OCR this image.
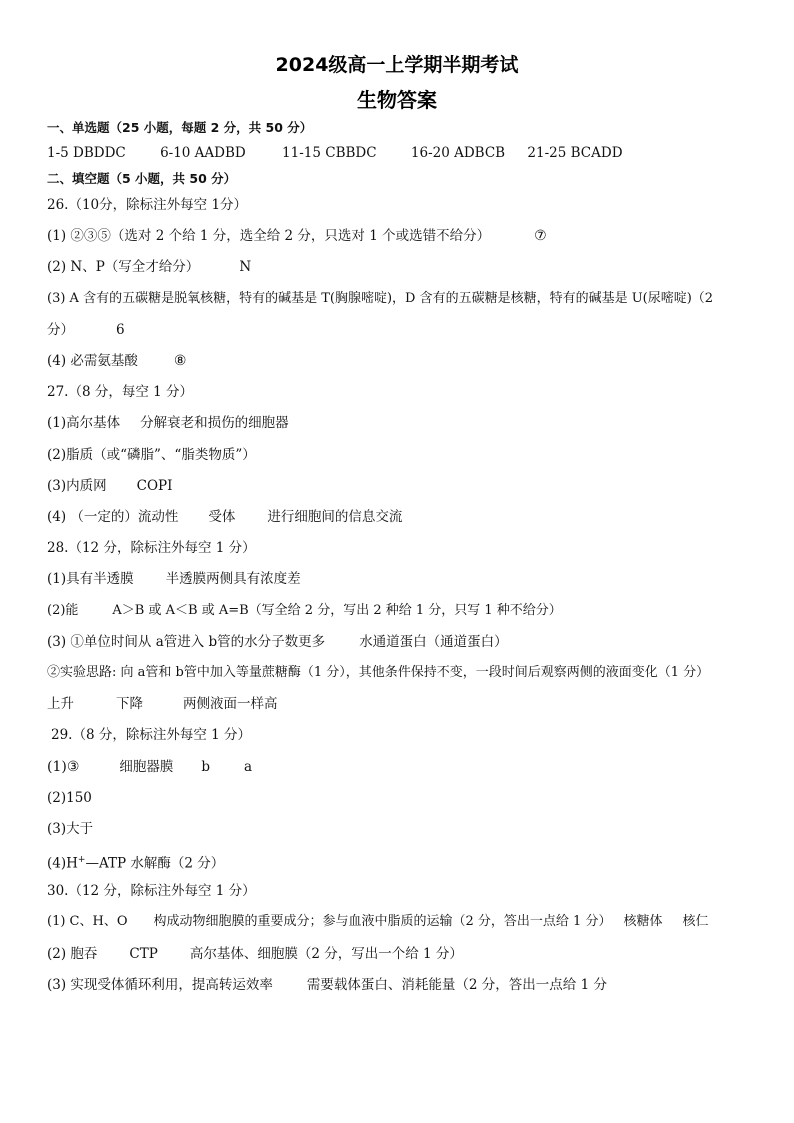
2024级高一上学期半期考试
生物答案
一、单选题（25 小题，每题 2 分，共 50 分）
1-5 DBDDC	6-10 AADBD	11-15 CBBDC	16-20 ADBCB 21-25 BCADD
二、填空题（5 小题，共 50 分）
26.（10分，除标注外每空 1分）
(1) ②③⑤（选对 2 个给 1 分，选全给 2 分，只选对 1 个或选错不给分）	⑦
(2) N、P（写全才给分）	N
(3) A 含有的五碳糖是脱氧核糖，特有的碱基是 T(胸腺嘧啶)，D 含有的五碳糖是核糖，特有的碱基是 U(尿嘧啶)（2
分）	6
(4) 必需氨基酸	⑧
27.（8 分，每空 1 分）
(1)高尔基体 分解衰老和损伤的细胞器
(2)脂质（或“磷脂”、“脂类物质”）
(3)内质网 COPI
(4) （一定的）流动性 受体 进行细胞间的信息交流
28.（12 分，除标注外每空 1 分）
(1)具有半透膜 半透膜两侧具有浓度差
(2)能	A＞B 或 A＜B 或 A=B（写全给 2 分，写出 2 种给 1 分，只写 1 种不给分）
(3) ①单位时间从 a管进入 b管的水分子数更多	水通道蛋白（通道蛋白）
②实验思路: 向 a管和 b管中加入等量蔗糖酶（1 分），其他条件保持不变，一段时间后观察两侧的液面变化（1 分）
上升	下降	两侧液面一样高
29.（8 分，除标注外每空 1 分）
(1)③	细胞器膜 b	a
(2)150
(3)大于
(4)H+—ATP 水解酶（2 分）
30.（12 分，除标注外每空 1 分）
(1) C、H、O 构成动物细胞膜的重要成分；参与血液中脂质的运输（2 分，答出一点给 1 分） 核糖体 核仁
(2) 胞吞 CTP 高尔基体、细胞膜（2 分，写出一个给 1 分）
(3) 实现受体循环利用，提高转运效率	需要载体蛋白、消耗能量（2 分，答出一点给 1 分
